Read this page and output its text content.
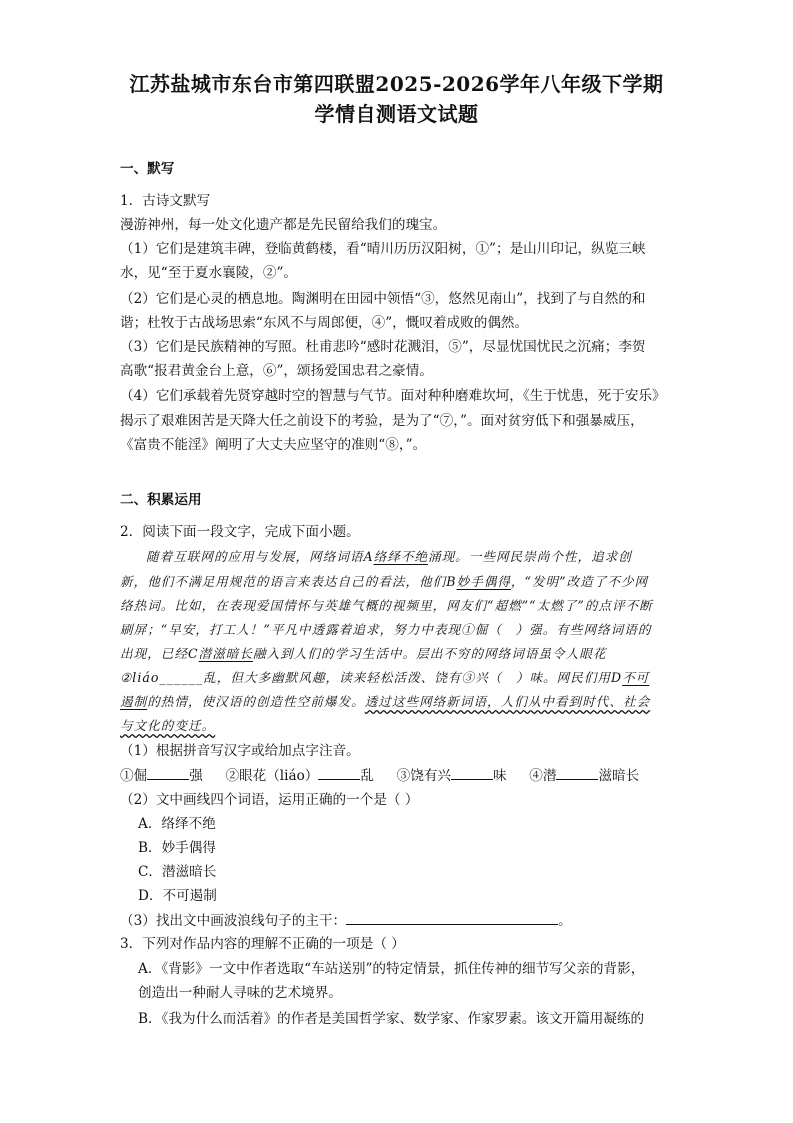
江苏盐城市东台市第四联盟2025-2026学年八年级下学期
学情自测语文试题
一、默写
1．古诗文默写
漫游神州，每一处文化遗产都是先民留给我们的瑰宝。
（1）它们是建筑丰碑，登临黄鹤楼，看“晴川历历汉阳树，①”；是山川印记，纵览三峡
水，见“至于夏水襄陵，②”。
（2）它们是心灵的栖息地。陶渊明在田园中领悟“③，悠然见南山”，找到了与自然的和
谐；杜牧于古战场思索“东风不与周郎便，④”，慨叹着成败的偶然。
（3）它们是民族精神的写照。杜甫悲吟“感时花溅泪，⑤”，尽显忧国忧民之沉痛；李贺
高歌“报君黄金台上意，⑥”，颂扬爱国忠君之豪情。
（4）它们承载着先贤穿越时空的智慧与气节。面对种种磨难坎坷，《生于忧患，死于安乐》
揭示了艰难困苦是天降大任之前设下的考验，是为了“⑦，”。面对贫穷低下和强暴威压，
《富贵不能淫》阐明了大丈夫应坚守的准则“⑧，”。
二、积累运用
2．阅读下面一段文字，完成下面小题。
随着互联网的应用与发展，网络词语A络绎不绝涌现。一些网民崇尚个性，追求创
新，他们不满足用规范的语言来表达自己的看法，他们B妙手偶得，“发明”改造了不少网
络热词。比如，在表现爱国情怀与英雄气概的视频里，网友们“超燃”“太燃了”的点评不断
刷屏；“早安，打工人！”平凡中透露着追求，努力中表现①倔（　）强。有些网络词语的
出现，已经C潜滋暗长融入到人们的学习生活中。层出不穷的网络词语虽令人眼花
②liáo______乱，但大多幽默风趣，读来轻松活泼、饶有③兴（　）味。网民们用D不可
遏制的热情，使汉语的创造性空前爆发。透过这些网络新词语，人们从中看到时代、社会
与文化的变迁。
（1）根据拼音写汉字或给加点字注音。
①倔	强 ②眼花（liáo）	乱 ③饶有兴	味 ④潜	滋暗长
（2）文中画线四个词语，运用正确的一个是（ ）
A．络绎不绝
B．妙手偶得
C．潜滋暗长
D．不可遏制
（3）找出文中画波浪线句子的主干：	。
3．下列对作品内容的理解不正确的一项是（ ）
A．《背影》一文中作者选取“车站送别”的特定情景，抓住传神的细节写父亲的背影，
创造出一种耐人寻味的艺术境界。
B．《我为什么而活着》的作者是美国哲学家、数学家、作家罗素。该文开篇用凝练的
